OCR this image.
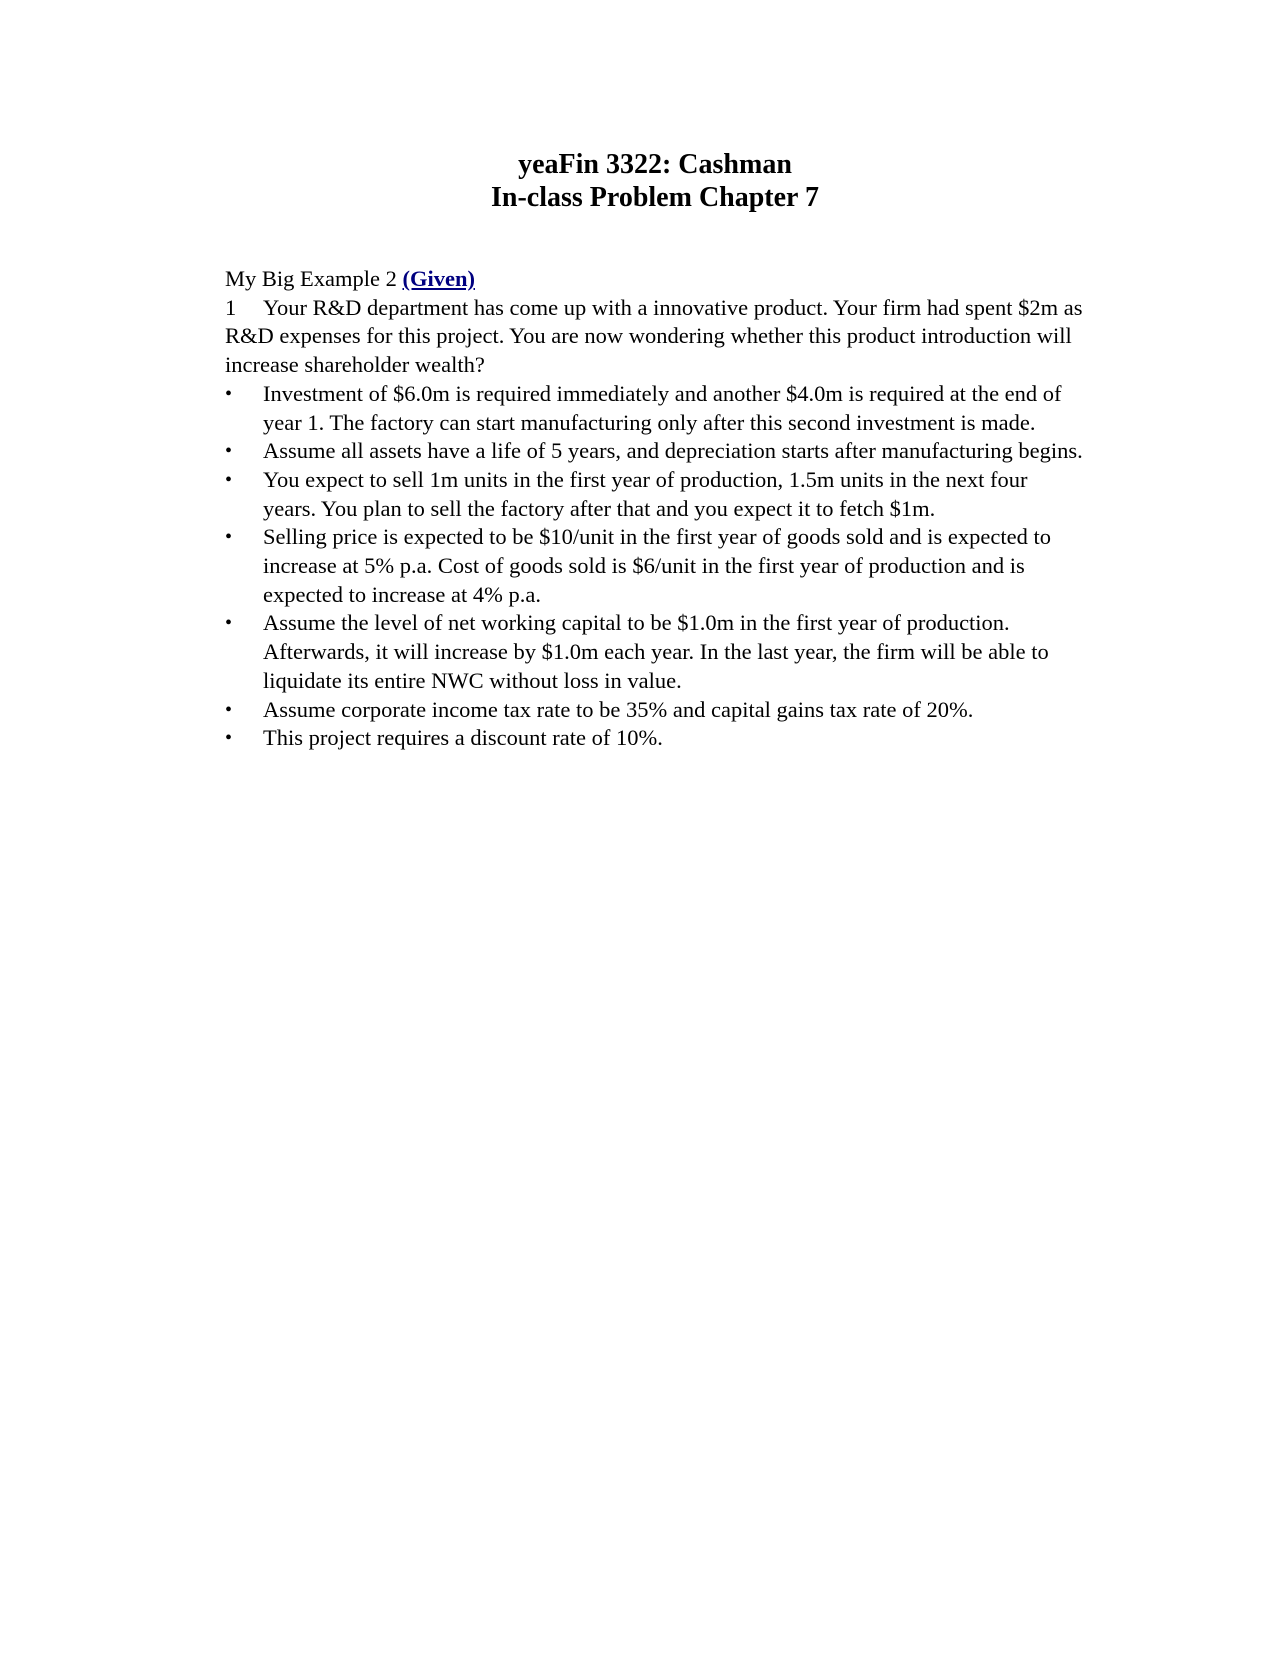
yeaFin 3322: Cashman
In-class Problem Chapter 7

My Big Example 2 (Given)

1 Your R&D department has come up with a innovative product. Your firm had spent $2m as R&D expenses for this project. You are now wondering whether this product introduction will increase shareholder wealth?

• Investment of $6.0m is required immediately and another $4.0m is required at the end of year 1. The factory can start manufacturing only after this second investment is made.
• Assume all assets have a life of 5 years, and depreciation starts after manufacturing begins.
• You expect to sell 1m units in the first year of production, 1.5m units in the next four years. You plan to sell the factory after that and you expect it to fetch $1m.
• Selling price is expected to be $10/unit in the first year of goods sold and is expected to increase at 5% p.a. Cost of goods sold is $6/unit in the first year of production and is expected to increase at 4% p.a.
• Assume the level of net working capital to be $1.0m in the first year of production. Afterwards, it will increase by $1.0m each year. In the last year, the firm will be able to liquidate its entire NWC without loss in value.
• Assume corporate income tax rate to be 35% and capital gains tax rate of 20%.
• This project requires a discount rate of 10%.
